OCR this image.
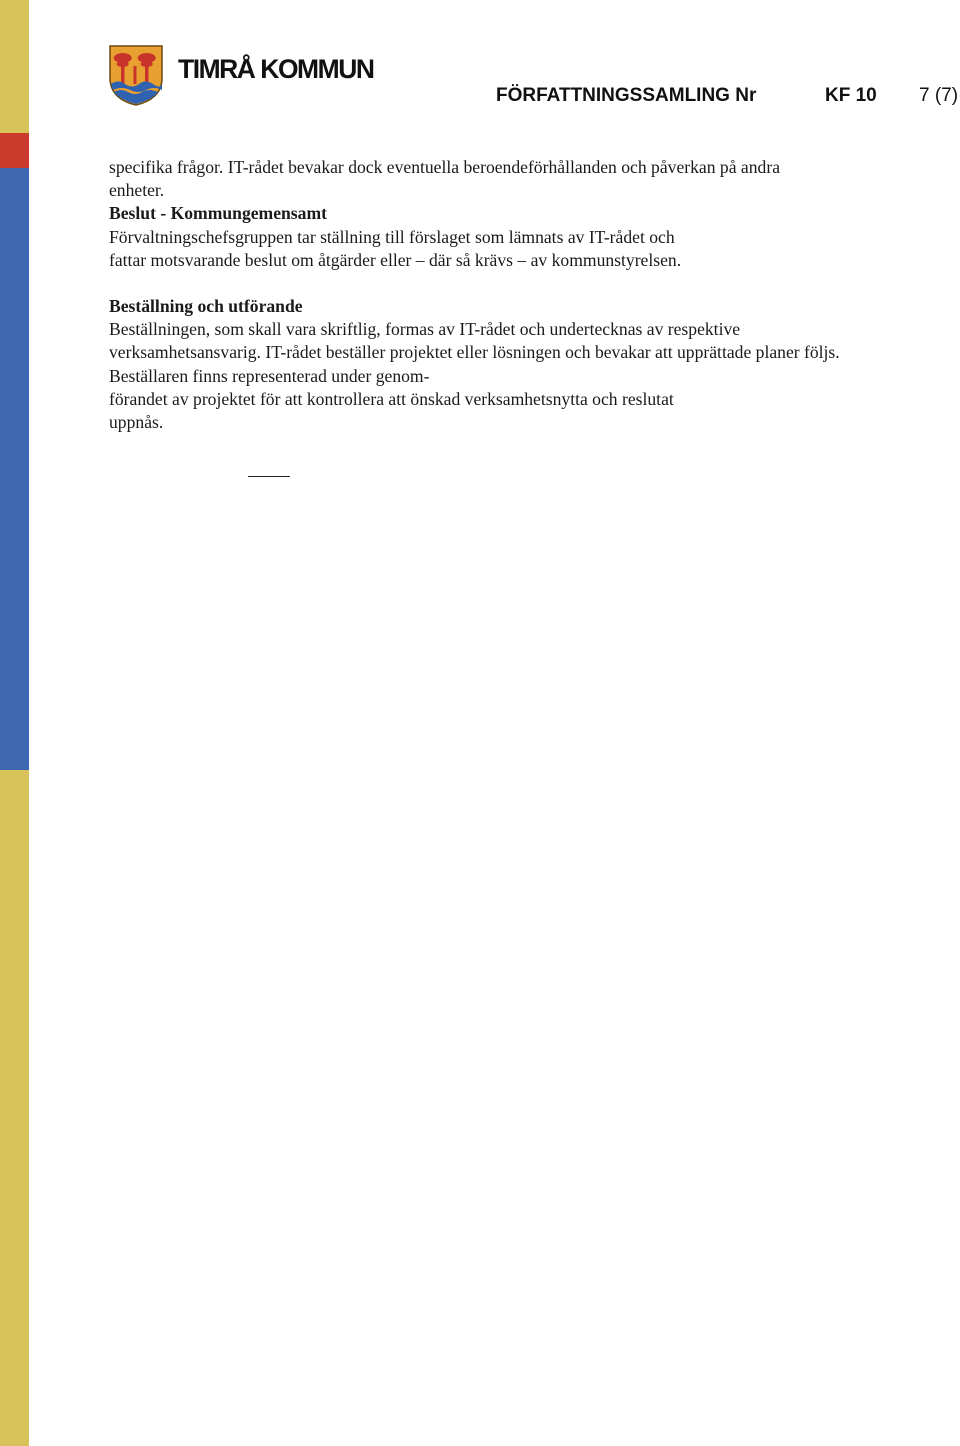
TIMRÅ KOMMUN
FÖRFATTNINGSSAMLING Nr	KF 10 7 (7)

specifika frågor. IT-rådet bevakar dock eventuella beroendeförhållanden och påverkan på andra

enheter.

Beslut - Kommungemensamt

Förvaltningschefsgruppen tar ställning till förslaget som lämnats av IT-rådet och

fattar motsvarande beslut om åtgärder eller – där så krävs – av kommunstyrelsen.

Beställning och utförande

Beställningen, som skall vara skriftlig, formas av IT-rådet och undertecknas av respektive

verksamhetsansvarig. IT-rådet beställer projektet eller lösningen och bevakar att upprättade planer följs.

Beställaren finns representerad under genom-

förandet av projektet för att kontrollera att önskad verksamhetsnytta och reslutat

uppnås.
